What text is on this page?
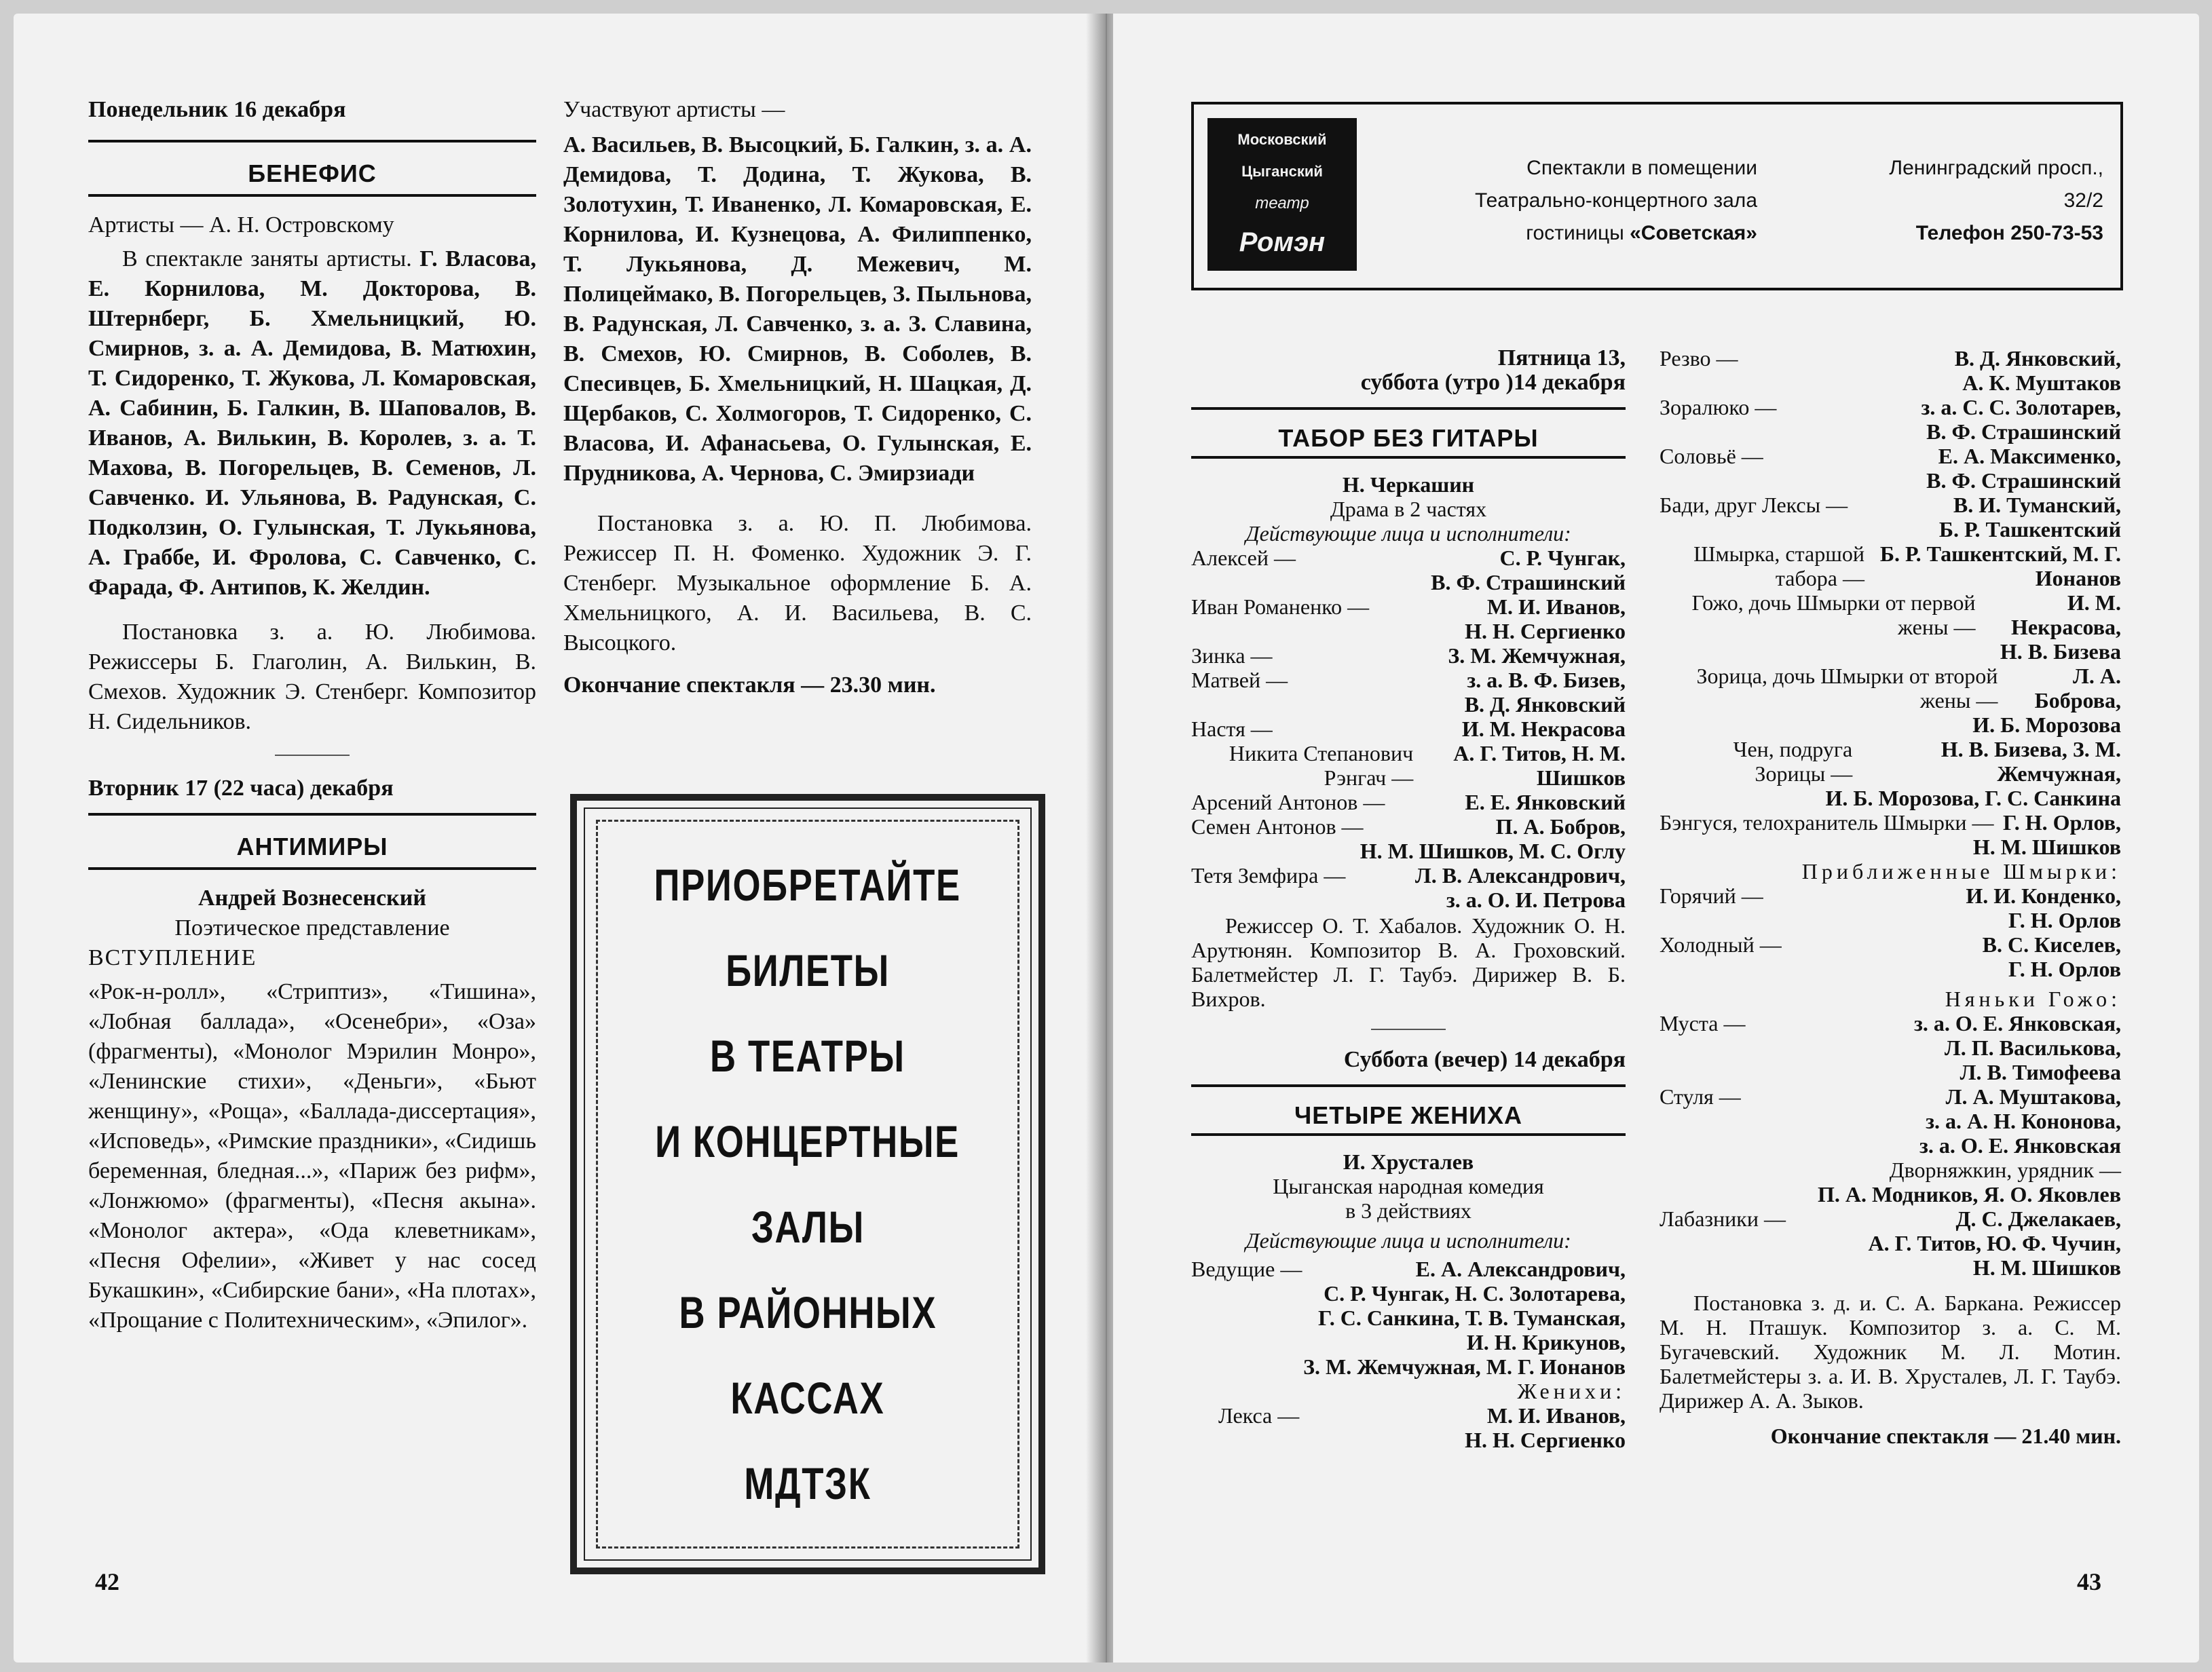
Понедельник 16 декабря

БЕНЕФИС

Артисты — А. Н. Островскому

В спектакле заняты артисты. Г. Власова, Е. Корнилова, М. Докторова, В. Штернберг, Б. Хмельницкий, Ю. Смирнов, з. а. А. Демидова, В. Матюхин, Т. Сидоренко, Т. Жукова, Л. Комаровская, А. Сабинин, Б. Галкин, В. Шаповалов, В. Иванов, А. Вилькин, В. Королев, з. а. Т. Махова, В. Погорельцев, В. Семенов, Л. Савченко. И. Ульянова, В. Радунская, С. Подколзин, О. Гулынская, Т. Лукьянова, А. Граббе, И. Фролова, С. Савченко, С. Фарада, Ф. Антипов, К. Желдин.

Постановка з. а. Ю. Любимова. Режиссеры Б. Глаголин, А. Вилькин, В. Смехов. Художник Э. Стенберг. Композитор Н. Сидельников.

Вторник 17 (22 часа) декабря

АНТИМИРЫ

Андрей Вознесенский

Поэтическое представление

ВСТУПЛЕНИЕ

«Рок-н-ролл», «Стриптиз», «Тишина», «Лобная баллада», «Осенебри», «Оза» (фрагменты), «Монолог Мэрилин Монро», «Ленинские стихи», «Деньги», «Бьют женщину», «Роща», «Баллада-диссертация», «Исповедь», «Римские праздники», «Сидишь беременная, бледная...», «Париж без рифм», «Лонжюмо» (фрагменты), «Песня акына». «Монолог актера», «Ода клеветникам», «Песня Офелии», «Живет у нас сосед Букашкин», «Сибирские бани», «На плотах», «Прощание с Политехническим», «Эпилог».

Участвуют артисты —

А. Васильев, В. Высоцкий, Б. Галкин, з. а. А. Демидова, Т. Додина, Т. Жукова, В. Золотухин, Т. Иваненко, Л. Комаровская, Е. Корнилова, И. Кузнецова, А. Филиппенко, Т. Лукьянова, Д. Межевич, М. Полицеймако, В. Погорельцев, З. Пыльнова, В. Радунская, Л. Савченко, з. а. З. Славина, В. Смехов, Ю. Смирнов, В. Соболев, В. Спесивцев, Б. Хмельницкий, Н. Шацкая, Д. Щербаков, С. Холмогоров, Т. Сидоренко, С. Власова, И. Афанасьева, О. Гулынская, Е. Прудникова, А. Чернова, С. Эмирзиади

Постановка з. а. Ю. П. Любимова. Режиссер П. Н. Фоменко. Художник Э. Г. Стенберг. Музыкальное оформление Б. А. Хмельницкого, А. И. Васильева, В. С. Высоцкого.

Окончание спектакля — 23.30 мин.

ПРИОБРЕТАЙТЕ
БИЛЕТЫ
В ТЕАТРЫ
И КОНЦЕРТНЫЕ
ЗАЛЫ
В РАЙОННЫХ
КАССАХ
МДТЗК
42
Московский
Цыганский
театр
Ромэн
Спектакли в помещении
Театрально-концертного зала
гостиницы «Советская»
Ленинградский просп.,
32/2
Телефон 250-73-53

Пятница 13,

суббота (утро )14 декабря

ТАБОР БЕЗ ГИТАРЫ

Н. Черкашин

Драма в 2 частях

Действующие лица и исполнители:

Алексей —	С. Р. Чунгак,

В. Ф. Страшинский

Иван Романенко —	М. И. Иванов,

Н. Н. Сергиенко

Зинка —	З. М. Жемчужная,
Матвей —	з. а. В. Ф. Бизев,

В. Д. Янковский

Настя —	И. М. Некрасова
Никита Степанович Рэнгач —
А. Г. Титов, Н. М. Шишков
Арсений Антонов —	Е. Е. Янковский
Семен Антонов —	П. А. Бобров,

Н. М. Шишков, М. С. Оглу

Тетя Земфира —	Л. В. Александрович,

з. а. О. И. Петрова

Режиссер О. Т. Хабалов. Художник О. Н. Арутюнян. Композитор В. А. Гроховский. Балетмейстер Л. Г. Таубэ. Дирижер В. Б. Вихров.

Суббота (вечер) 14 декабря

ЧЕТЫРЕ ЖЕНИХА

И. Хрусталев

Цыганская народная комедия

в 3 действиях

Действующие лица и исполнители:

Ведущие —	Е. А. Александрович,

С. Р. Чунгак, Н. С. Золотарева,

Г. С. Санкина, Т. В. Туманская,

И. Н. Крикунов,

З. М. Жемчужная, М. Г. Ионанов

Женихи:

Лекса —	М. И. Иванов,

Н. Н. Сергиенко

Резво —	В. Д. Янковский,

А. К. Муштаков

Зоралюко —	з. а. С. С. Золотарев,

В. Ф. Страшинский

Соловьё —	Е. А. Максименко,

В. Ф. Страшинский

Бади, друг Лексы —	В. И. Туманский,

Б. Р. Ташкентский

Шмырка, старшой табора —
Б. Р. Ташкентский, М. Г. Ионанов
Гожо, дочь Шмырки от первой жены —
И. М. Некрасова,

Н. В. Бизева

Зорица, дочь Шмырки от второй жены —
Л. А. Боброва,

И. Б. Морозова

Чен, подруга Зорицы —
Н. В. Бизева, З. М. Жемчужная,

И. Б. Морозова, Г. С. Санкина

Бэнгуся, телохранитель Шмырки — Г. Н. Орлов,

Н. М. Шишков

Приближенные Шмырки:

Горячий —	И. И. Конденко,

Г. Н. Орлов

Холодный —	В. С. Киселев,

Г. Н. Орлов

Няньки Гожо:

Муста —	з. а. О. Е. Янковская,

Л. П. Василькова,

Л. В. Тимофеева

Стуля —	Л. А. Муштакова,

з. а. А. Н. Кононова,

з. а. О. Е. Янковская

Дворняжкин, урядник —

П. А. Модников, Я. О. Яковлев

Лабазники —	Д. С. Джелакаев,

А. Г. Титов, Ю. Ф. Чучин,

Н. М. Шишков

Постановка з. д. и. С. А. Барканa. Режиссер М. Н. Пташук. Композитор з. а. С. М. Бугачевский. Художник М. Л. Мотин. Балетмейстеры з. а. И. В. Хрусталев, Л. Г. Таубэ. Дирижер А. А. Зыков.

Окончание спектакля — 21.40 мин.

43
